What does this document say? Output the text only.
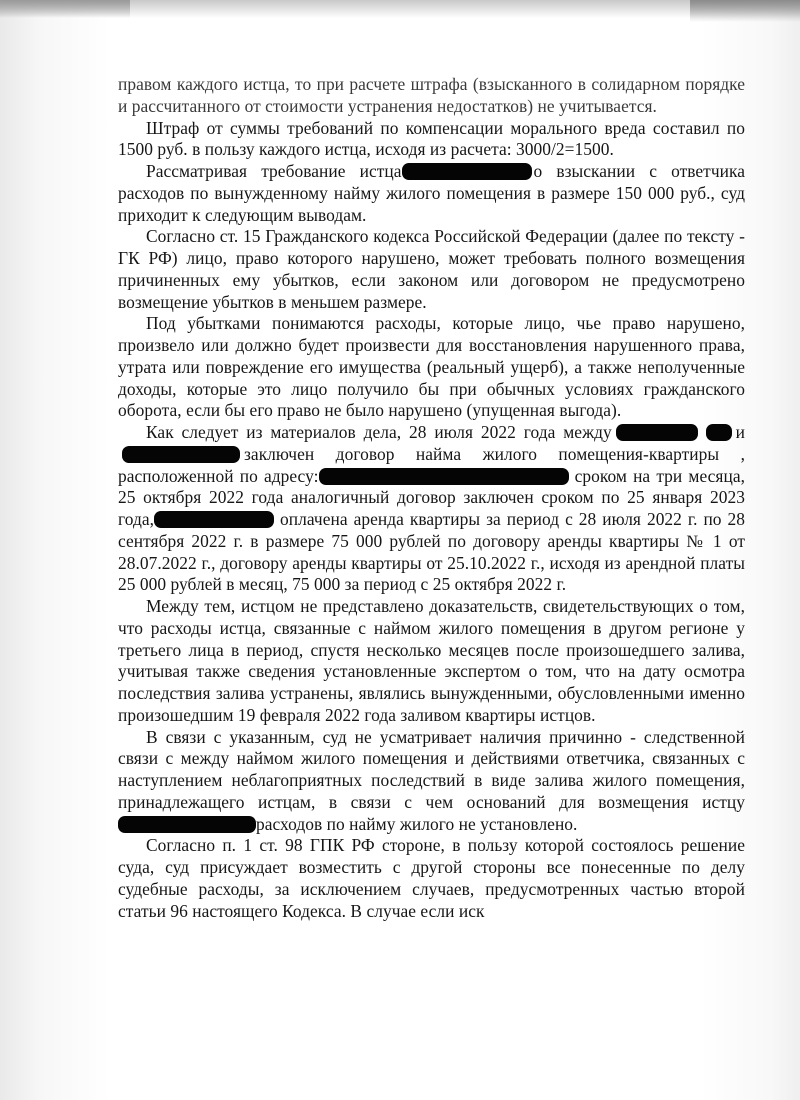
правом каждого истца, то при расчете штрафа (взысканного в солидарном порядке и рассчитанного от стоимости устранения недостатков) не учитывается.

Штраф от суммы требований по компенсации морального вреда составил по 1500 руб. в пользу каждого истца, исходя из расчета: 3000/2=1500.

Рассматривая требование истца	о взыскании с ответчика расходов по вынужденному найму жилого помещения в размере 150 000 руб., суд приходит к следующим выводам.

Согласно ст. 15 Гражданского кодекса Российской Федерации (далее по тексту - ГК РФ) лицо, право которого нарушено, может требовать полного возмещения причиненных ему убытков, если законом или договором не предусмотрено возмещение убытков в меньшем размере.

Под убытками понимаются расходы, которые лицо, чье право нарушено, произвело или должно будет произвести для восстановления нарушенного права, утрата или повреждение его имущества (реальный ущерб), а также неполученные доходы, которые это лицо получило бы при обычных условиях гражданского оборота, если бы его право не было нарушено (упущенная выгода).

Как следует из материалов дела, 28 июля 2022 года между	изаключен договор найма жилого помещения-квартиры , расположенной по адресу:	сроком на три месяца, 25 октября 2022 года аналогичный договор заключен сроком по 25 января 2023 года,	оплачена аренда квартиры за период с 28 июля 2022 г. по 28 сентября 2022 г. в размере 75 000 рублей по договору аренды квартиры № 1 от 28.07.2022 г., договору аренды квартиры от 25.10.2022 г., исходя из арендной платы 25 000 рублей в месяц, 75 000 за период с 25 октября 2022 г.

Между тем, истцом не представлено доказательств, свидетельствующих о том, что расходы истца, связанные с наймом жилого помещения в другом регионе у третьего лица в период, спустя несколько месяцев после произошедшего залива, учитывая также сведения установленные экспертом о том, что на дату осмотра последствия залива устранены, являлись вынужденными, обусловленными именно произошедшим 19 февраля 2022 года заливом квартиры истцов.

В связи с указанным, суд не усматривает наличия причинно - следственной связи с между наймом жилого помещения и действиями ответчика, связанных с наступлением неблагоприятных последствий в виде залива жилого помещения, принадлежащего истцам, в связи с чем оснований для возмещения истцурасходов по найму жилого не установлено.

Согласно п. 1 ст. 98 ГПК РФ стороне, в пользу которой состоялось решение суда, суд присуждает возместить с другой стороны все понесенные по делу судебные расходы, за исключением случаев, предусмотренных частью второй статьи 96 настоящего Кодекса. В случае если иск
